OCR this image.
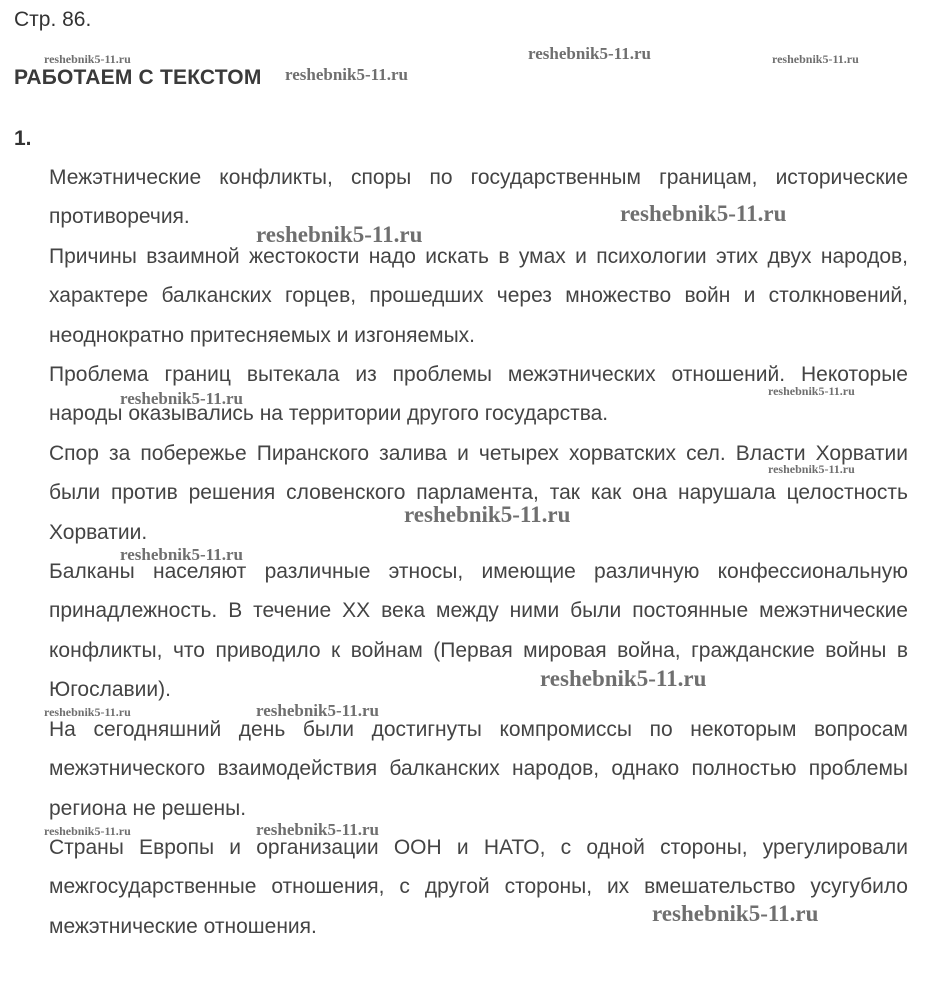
Стр. 86.
РАБОТАЕМ С ТЕКСТОМ
1.

Межэтнические конфликты, споры по государственным границам, исторические противоречия.

Причины взаимной жестокости надо искать в умах и психологии этих двух народов, характере балканских горцев, прошедших через множество войн и столкновений, неоднократно притесняемых и изгоняемых.

Проблема границ вытекала из проблемы межэтнических отношений. Некоторые народы оказывались на территории другого государства.

Спор за побережье Пиранского залива и четырех хорватских сел. Власти Хорватии были против решения словенского парламента, так как она нарушала целостность Хорватии.

Балканы населяют различные этносы, имеющие различную конфессиональную принадлежность. В течение XX века между ними были постоянные межэтнические конфликты, что приводило к войнам (Первая мировая война, гражданские войны в Югославии).

На сегодняшний день были достигнуты компромиссы по некоторым вопросам межэтнического взаимодействия балканских народов, однако полностью проблемы региона не решены.

Страны Европы и организации ООН и НАТО, с одной стороны, урегулировали межгосударственные отношения, с другой стороны, их вмешательство усугубило межэтнические отношения.

reshebnik5-11.ru	reshebnik5-11.ru	reshebnik5-11.ru
reshebnik5-11.ru
reshebnik5-11.ru
reshebnik5-11.ru
reshebnik5-11.ru
reshebnik5-11.ru
reshebnik5-11.ru
reshebnik5-11.ru
reshebnik5-11.ru
reshebnik5-11.ru
reshebnik5-11.ru	reshebnik5-11.ru
reshebnik5-11.ru	reshebnik5-11.ru
reshebnik5-11.ru
